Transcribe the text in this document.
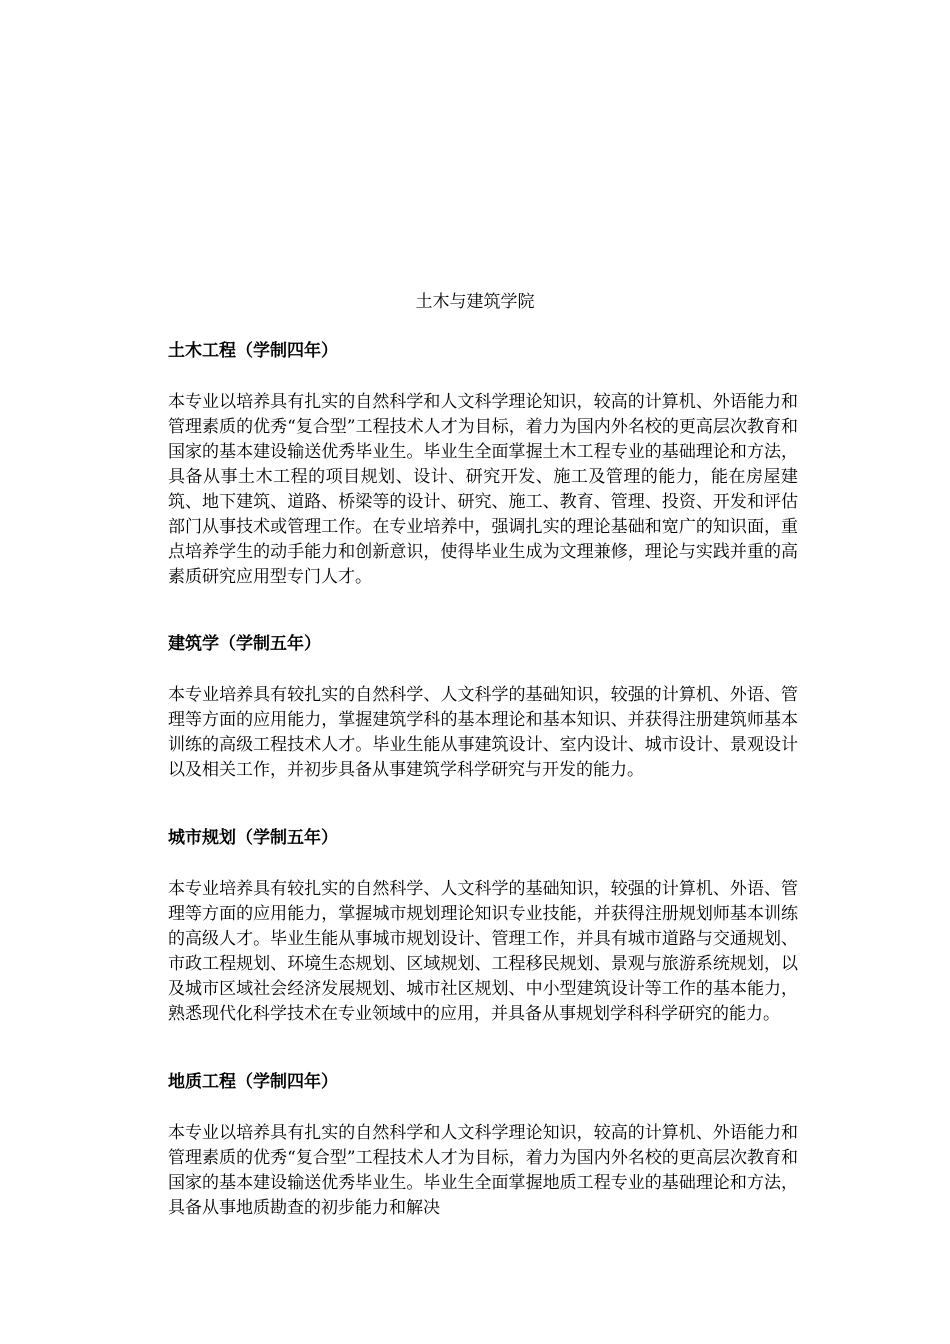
土木与建筑学院

土木工程（学制四年）

本专业以培养具有扎实的自然科学和人文科学理论知识，较高的计算机、外语能力和管理素质的优秀“复合型”工程技术人才为目标，着力为国内外名校的更高层次教育和国家的基本建设输送优秀毕业生。毕业生全面掌握土木工程专业的基础理论和方法，具备从事土木工程的项目规划、设计、研究开发、施工及管理的能力，能在房屋建筑、地下建筑、道路、桥梁等的设计、研究、施工、教育、管理、投资、开发和评估部门从事技术或管理工作。在专业培养中，强调扎实的理论基础和宽广的知识面，重点培养学生的动手能力和创新意识，使得毕业生成为文理兼修，理论与实践并重的高素质研究应用型专门人才。

建筑学（学制五年）

本专业培养具有较扎实的自然科学、人文科学的基础知识，较强的计算机、外语、管理等方面的应用能力，掌握建筑学科的基本理论和基本知识、并获得注册建筑师基本训练的高级工程技术人才。毕业生能从事建筑设计、室内设计、城市设计、景观设计以及相关工作，并初步具备从事建筑学科学研究与开发的能力。

城市规划（学制五年）

本专业培养具有较扎实的自然科学、人文科学的基础知识，较强的计算机、外语、管理等方面的应用能力，掌握城市规划理论知识专业技能，并获得注册规划师基本训练的高级人才。毕业生能从事城市规划设计、管理工作，并具有城市道路与交通规划、市政工程规划、环境生态规划、区域规划、工程移民规划、景观与旅游系统规划，以及城市区域社会经济发展规划、城市社区规划、中小型建筑设计等工作的基本能力，熟悉现代化科学技术在专业领域中的应用，并具备从事规划学科科学研究的能力。

地质工程（学制四年）

本专业以培养具有扎实的自然科学和人文科学理论知识，较高的计算机、外语能力和管理素质的优秀“复合型”工程技术人才为目标，着力为国内外名校的更高层次教育和国家的基本建设输送优秀毕业生。毕业生全面掌握地质工程专业的基础理论和方法，具备从事地质勘查的初步能力和解决
